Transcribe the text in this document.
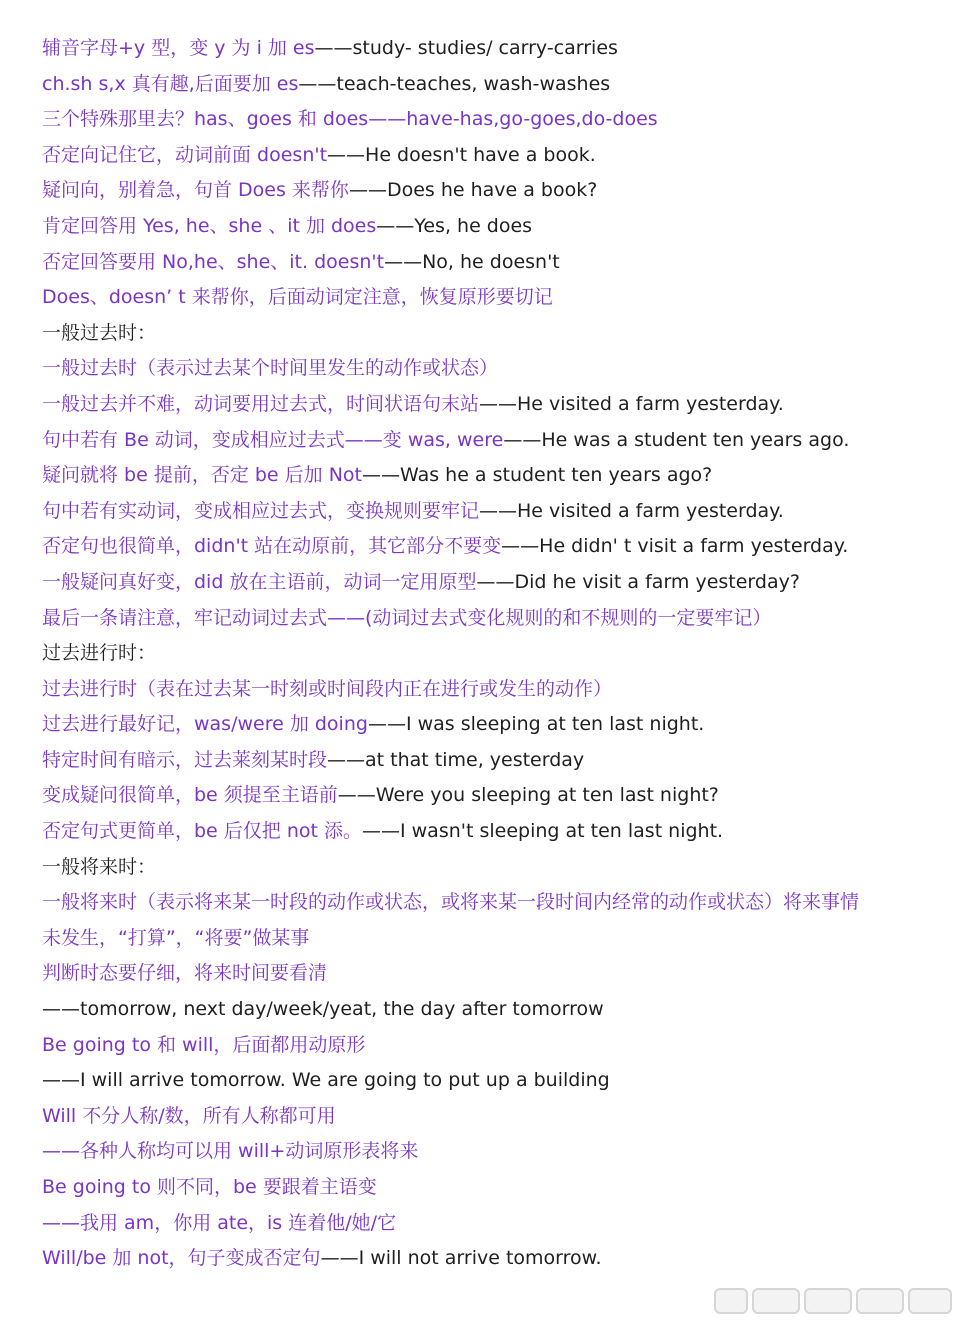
辅音字母+y 型，变 y 为 i 加 es——study- studies/ carry-carries
ch.sh s,x 真有趣,后面要加 es——teach-teaches, wash-washes
三个特殊那里去？has、goes 和 does——have-has,go-goes,do-does
否定向记住它，动词前面 doesn't——He doesn't have a book.
疑问向，别着急，句首 Does 来帮你——Does he have a book?
肯定回答用 Yes, he、she 、it 加 does——Yes, he does
否定回答要用 No,he、she、it. doesn't——No, he doesn't
Does、doesn’ t 来帮你，后面动词定注意，恢复原形要切记
一般过去时：
一般过去时（表示过去某个时间里发生的动作或状态）
一般过去并不难，动词要用过去式，时间状语句末站——He visited a farm yesterday.
句中若有 Be 动词，变成相应过去式——变 was, were——He was a student ten years ago.
疑问就将 be 提前，否定 be 后加 Not——Was he a student ten years ago?
句中若有实动词，变成相应过去式，变换规则要牢记——He visited a farm yesterday.
否定句也很简单，didn't 站在动原前，其它部分不要变——He didn' t visit a farm yesterday.
一般疑问真好变，did 放在主语前，动词一定用原型——Did he visit a farm yesterday?
最后一条请注意，牢记动词过去式——(动词过去式变化规则的和不规则的一定要牢记）
过去进行时：
过去进行时（表在过去某一时刻或时间段内正在进行或发生的动作）
过去进行最好记，was/were 加 doing——I was sleeping at ten last night.
特定时间有暗示，过去莱刻某时段——at that time, yesterday
变成疑问很简单，be 须提至主语前——Were you sleeping at ten last night?
否定句式更简单，be 后仅把 not 添。——I wasn't sleeping at ten last night.
一般将来时：
一般将来时（表示将来某一时段的动作或状态，或将来某一段时间内经常的动作或状态）将来事情
未发生，“打算”，“将要”做某事
判断时态要仔细，将来时间要看清
——tomorrow, next day/week/yeat, the day after tomorrow
Be going to 和 will，后面都用动原形
——I will arrive tomorrow. We are going to put up a building
Will 不分人称/数，所有人称都可用
——各种人称均可以用 will+动词原形表将来
Be going to 则不同，be 要跟着主语变
——我用 am，你用 ate，is 连着他/她/它
Will/be 加 not，句子变成否定句——I will not arrive tomorrow.
